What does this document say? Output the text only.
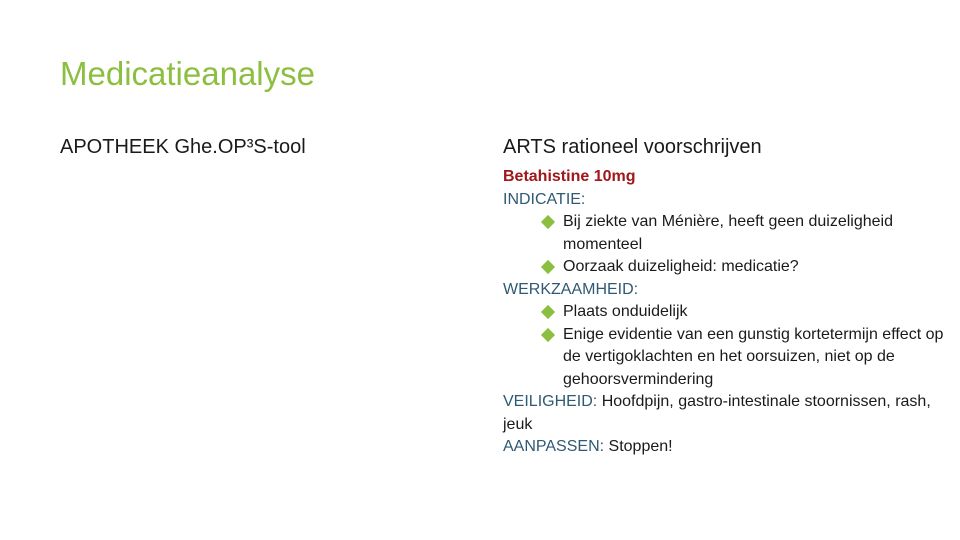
Medicatieanalyse
APOTHEEK Ghe.OP³S-tool	ARTS rationeel voorschrijven
Betahistine 10mg
INDICATIE:
Bij ziekte van Ménière, heeft geen duizeligheid momenteel
Oorzaak duizeligheid: medicatie?
WERKZAAMHEID:
Plaats onduidelijk
Enige evidentie van een gunstig kortetermijn effect op de vertigoklachten en het oorsuizen, niet op de gehoorsvermindering
VEILIGHEID: Hoofdpijn, gastro-intestinale stoornissen, rash, jeuk
AANPASSEN: Stoppen!
